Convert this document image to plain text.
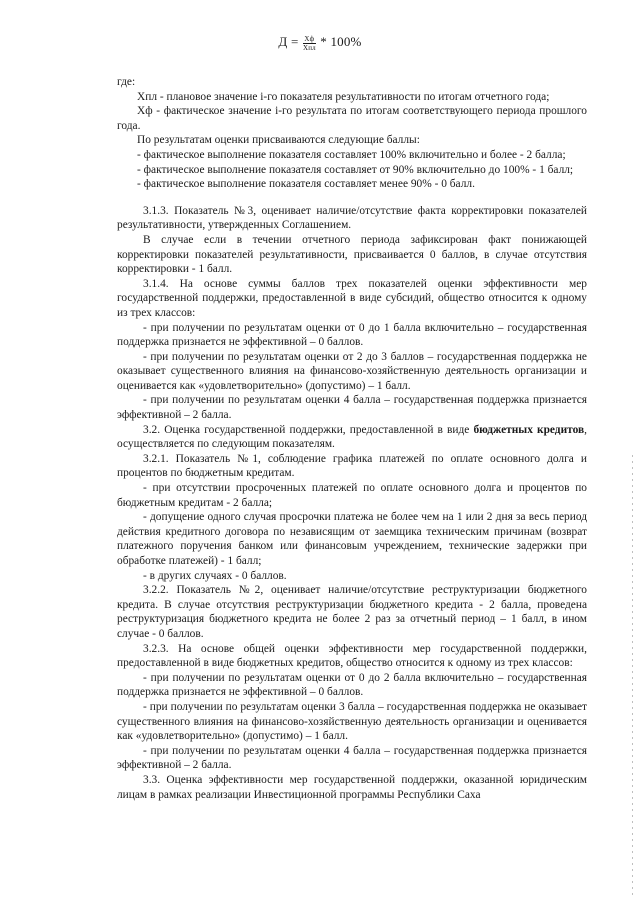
$Д = \frac{Хф}{\text{Хпл}} * 100\%$

где:

Хпл - плановое значение i-го показателя результативности по итогам отчетного года;

Хф - фактическое значение i-го результата по итогам соответствующего периода прошлого года.

По результатам оценки присваиваются следующие баллы:

- фактическое выполнение показателя составляет 100% включительно и более - 2 балла;

- фактическое выполнение показателя составляет от 90% включительно до 100% - 1 балл;

- фактическое выполнение показателя составляет менее 90% - 0 балл.

3.1.3. Показатель №3, оценивает наличие/отсутствие факта корректировки показателей результативности, утвержденных Соглашением.

В случае если в течении отчетного периода зафиксирован факт понижающей корректировки показателей результативности, присваивается 0 баллов, в случае отсутствия корректировки - 1 балл.

3.1.4. На основе суммы баллов трех показателей оценки эффективности мер государственной поддержки, предоставленной в виде субсидий, общество относится к одному из трех классов:

- при получении по результатам оценки от 0 до 1 балла включительно – государственная поддержка признается не эффективной – 0 баллов.

- при получении по результатам оценки от 2 до 3 баллов – государственная поддержка не оказывает существенного влияния на финансово-хозяйственную деятельность организации и оценивается как «удовлетворительно» (допустимо) – 1 балл.

- при получении по результатам оценки 4 балла – государственная поддержка признается эффективной – 2 балла.

3.2. Оценка государственной поддержки, предоставленной в виде бюджетных кредитов, осуществляется по следующим показателям.

3.2.1. Показатель №1, соблюдение графика платежей по оплате основного долга и процентов по бюджетным кредитам.

- при отсутствии просроченных платежей по оплате основного долга и процентов по бюджетным кредитам - 2 балла;

- допущение одного случая просрочки платежа не более чем на 1 или 2 дня за весь период действия кредитного договора по независящим от заемщика техническим причинам (возврат платежного поручения банком или финансовым учреждением, технические задержки при обработке платежей) - 1 балл;

- в других случаях - 0 баллов.

3.2.2. Показатель №2, оценивает наличие/отсутствие реструктуризации бюджетного кредита. В случае отсутствия реструктуризации бюджетного кредита - 2 балла, проведена реструктуризация бюджетного кредита не более 2 раз за отчетный период – 1 балл, в ином случае - 0 баллов.

3.2.3. На основе общей оценки эффективности мер государственной поддержки, предоставленной в виде бюджетных кредитов, общество относится к одному из трех классов:

- при получении по результатам оценки от 0 до 2 балла включительно – государственная поддержка признается не эффективной – 0 баллов.

- при получении по результатам оценки 3 балла – государственная поддержка не оказывает существенного влияния на финансово-хозяйственную деятельность организации и оценивается как «удовлетворительно» (допустимо) – 1 балл.

- при получении по результатам оценки 4 балла – государственная поддержка признается эффективной – 2 балла.

3.3. Оценка эффективности мер государственной поддержки, оказанной юридическим лицам в рамках реализации Инвестиционной программы Республики Саха
